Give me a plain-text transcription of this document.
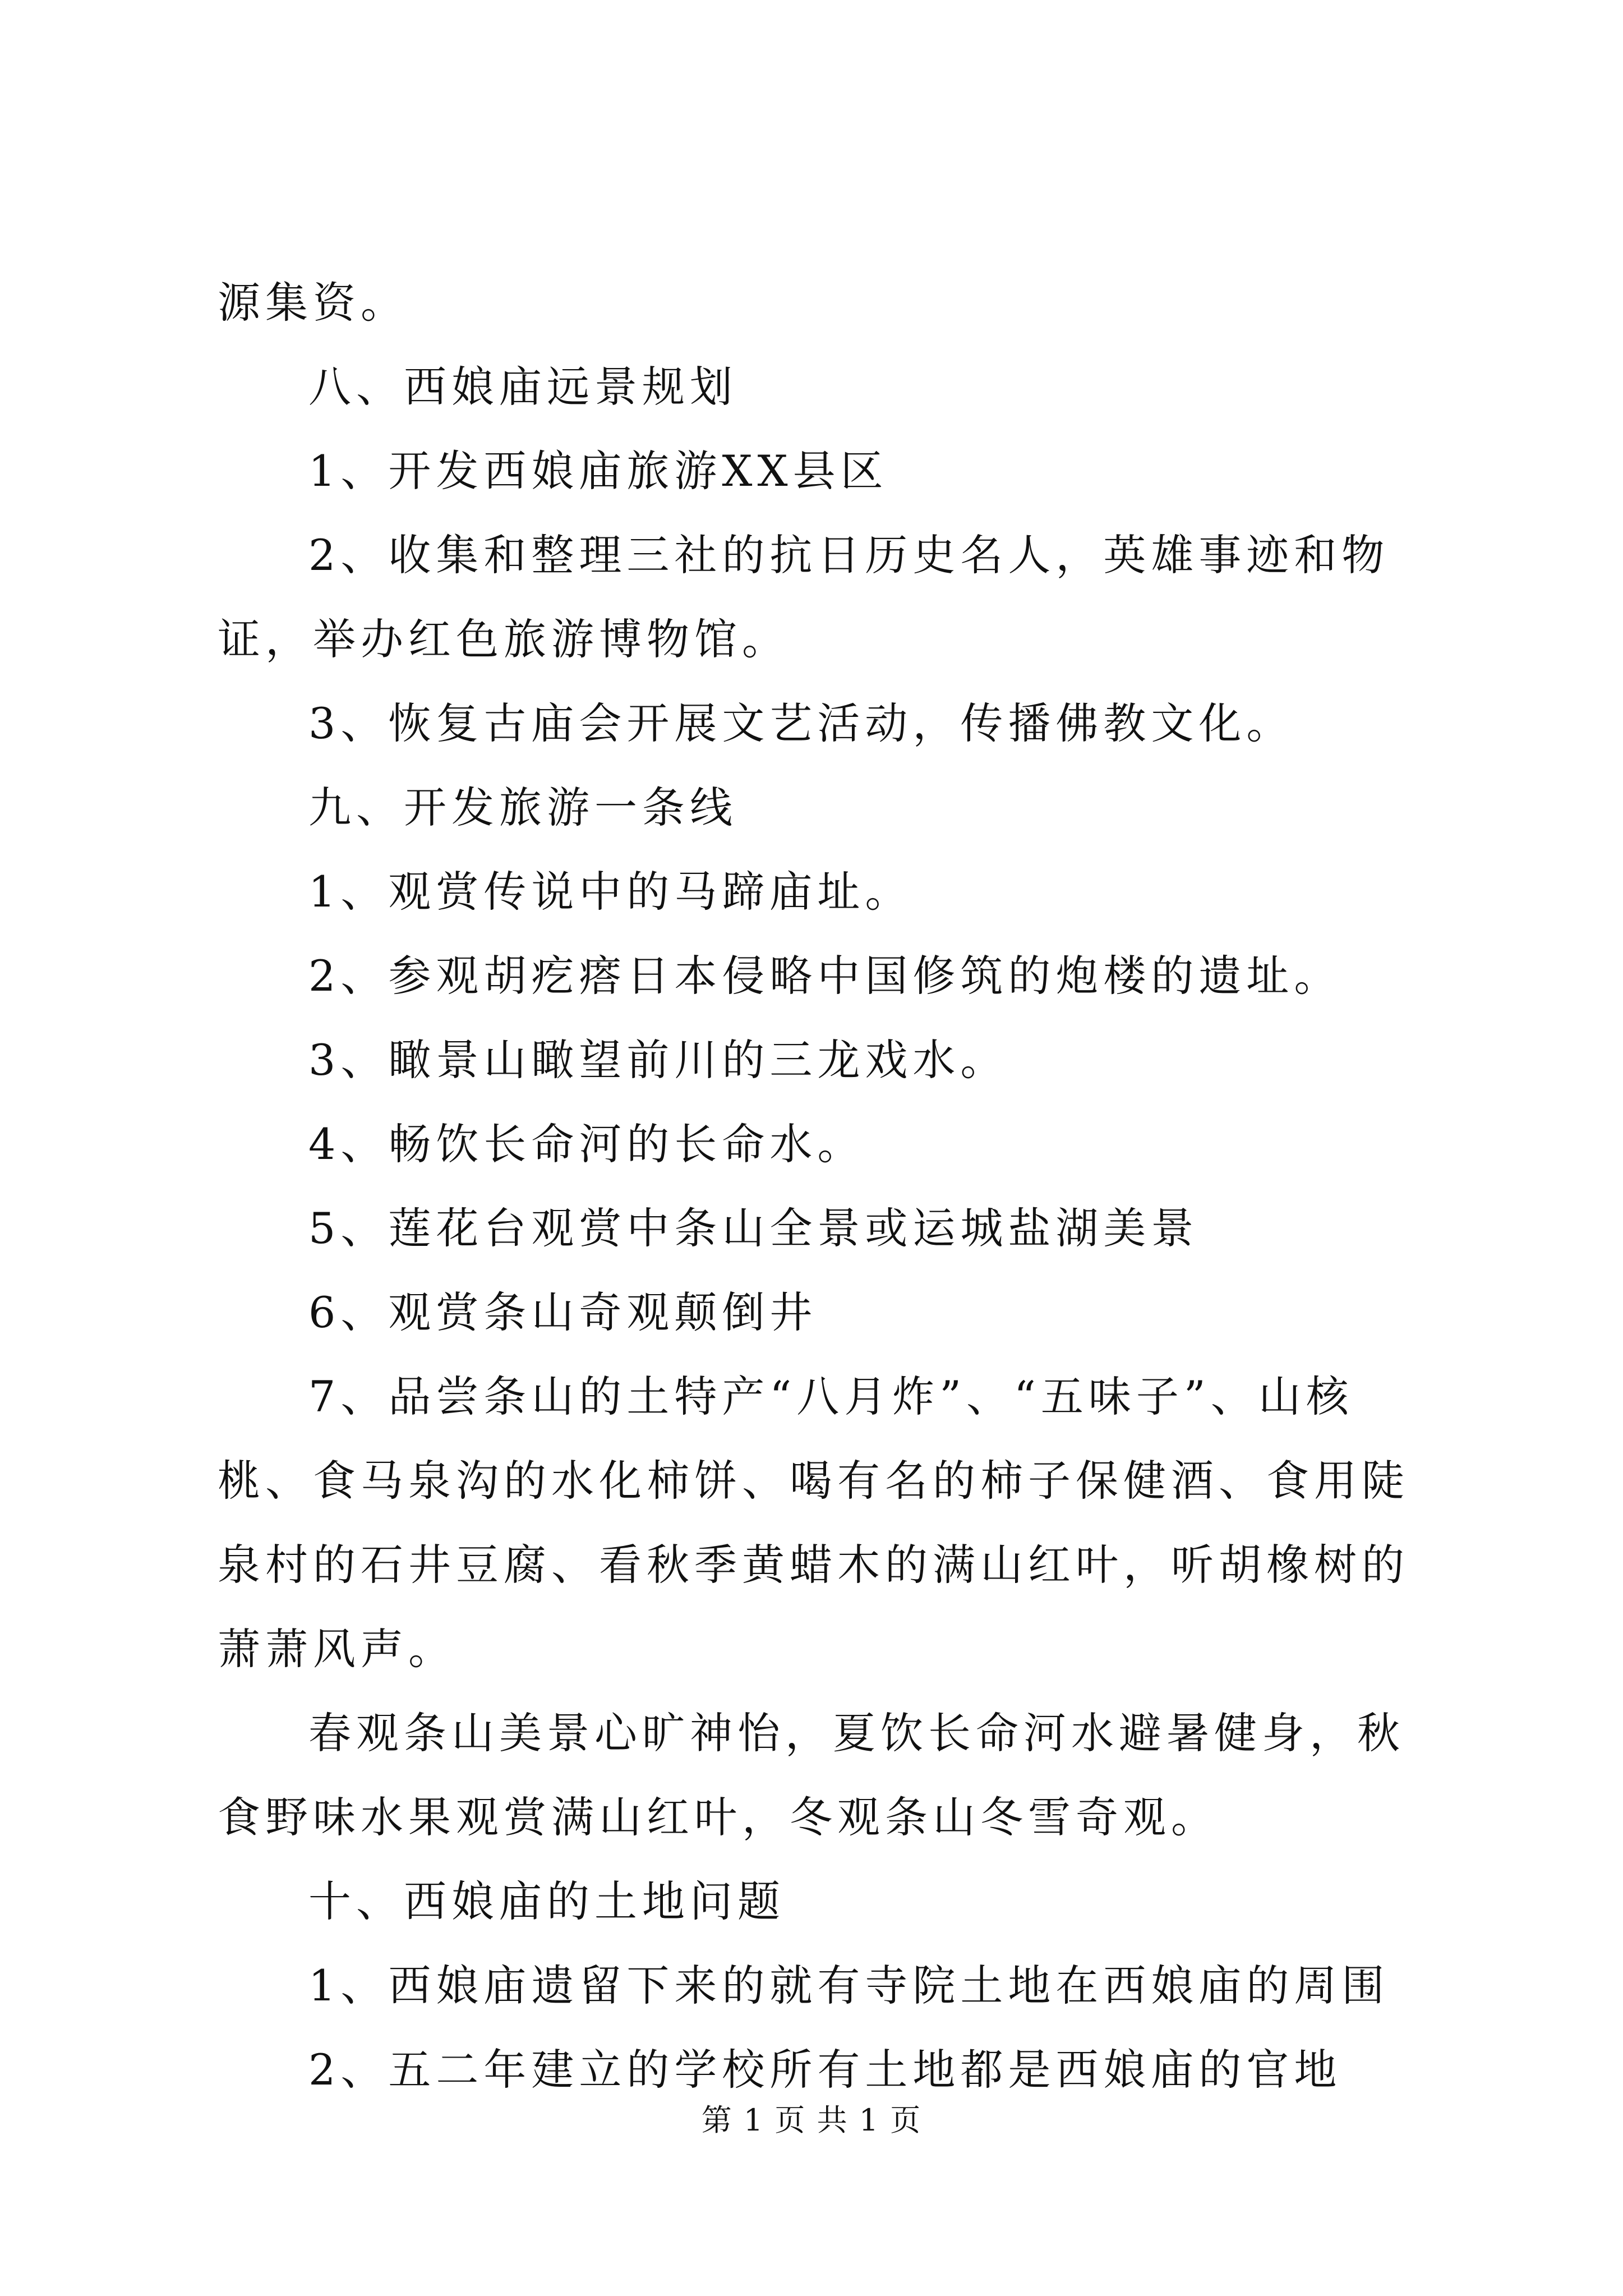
源集资。

八、西娘庙远景规划

1、开发西娘庙旅游XX县区

2、收集和整理三社的抗日历史名人，英雄事迹和物证，举办红色旅游博物馆。

3、恢复古庙会开展文艺活动，传播佛教文化。

九、开发旅游一条线

1、观赏传说中的马蹄庙址。

2、参观胡疙瘩日本侵略中国修筑的炮楼的遗址。

3、瞰景山瞰望前川的三龙戏水。

4、畅饮长命河的长命水。

5、莲花台观赏中条山全景或运城盐湖美景

6、观赏条山奇观颠倒井

7、品尝条山的土特产“八月炸”、“五味子”、山核桃、食马泉沟的水化柿饼、喝有名的柿子保健酒、食用陡泉村的石井豆腐、看秋季黄蜡木的满山红叶，听胡橡树的萧萧风声。

春观条山美景心旷神怡，夏饮长命河水避暑健身，秋食野味水果观赏满山红叶，冬观条山冬雪奇观。

十、西娘庙的土地问题

1、西娘庙遗留下来的就有寺院土地在西娘庙的周围

2、五二年建立的学校所有土地都是西娘庙的官地

第 1 页 共 1 页
